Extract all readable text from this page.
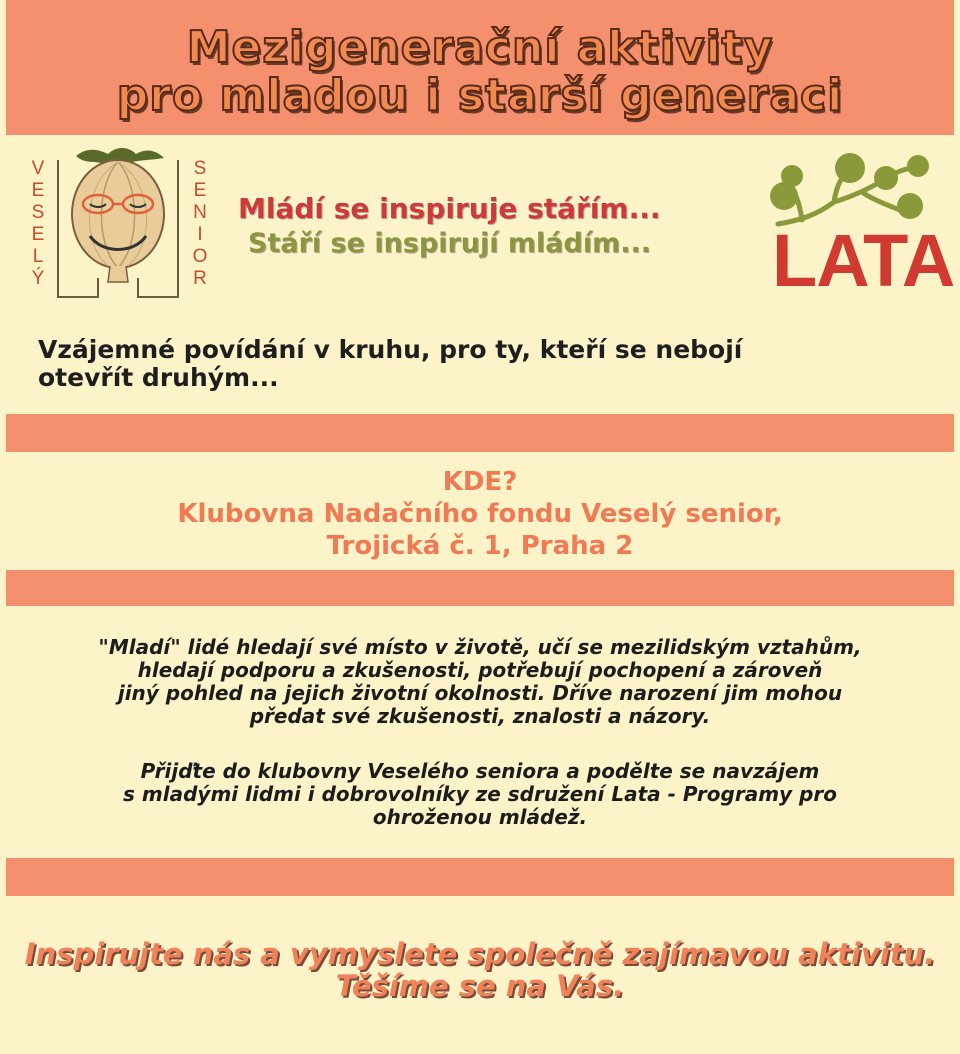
Mezigenerační aktivity
pro mladou i starší generaci
V
E
S
E
L
Ý
S
E
N
I
O
R
Mládí se inspiruje stářím...
Stáří se inspirují mládím... LATA
Vzájemné povídání v kruhu, pro ty, kteří se nebojí
otevřít druhým...
KDE?
Klubovna Nadačního fondu Veselý senior,
Trojická č. 1, Praha 2
"Mladí" lidé hledají své místo v životě, učí se mezilidským vztahům,
hledají podporu a zkušenosti, potřebují pochopení a zároveň
jiný pohled na jejich životní okolnosti. Dříve narození jim mohou
předat své zkušenosti, znalosti a názory.
Přijďte do klubovny Veselého seniora a podělte se navzájem
s mladými lidmi i dobrovolníky ze sdružení Lata - Programy pro
ohroženou mládež.
Inspirujte nás a vymyslete společně zajímavou aktivitu.
Těšíme se na Vás.
